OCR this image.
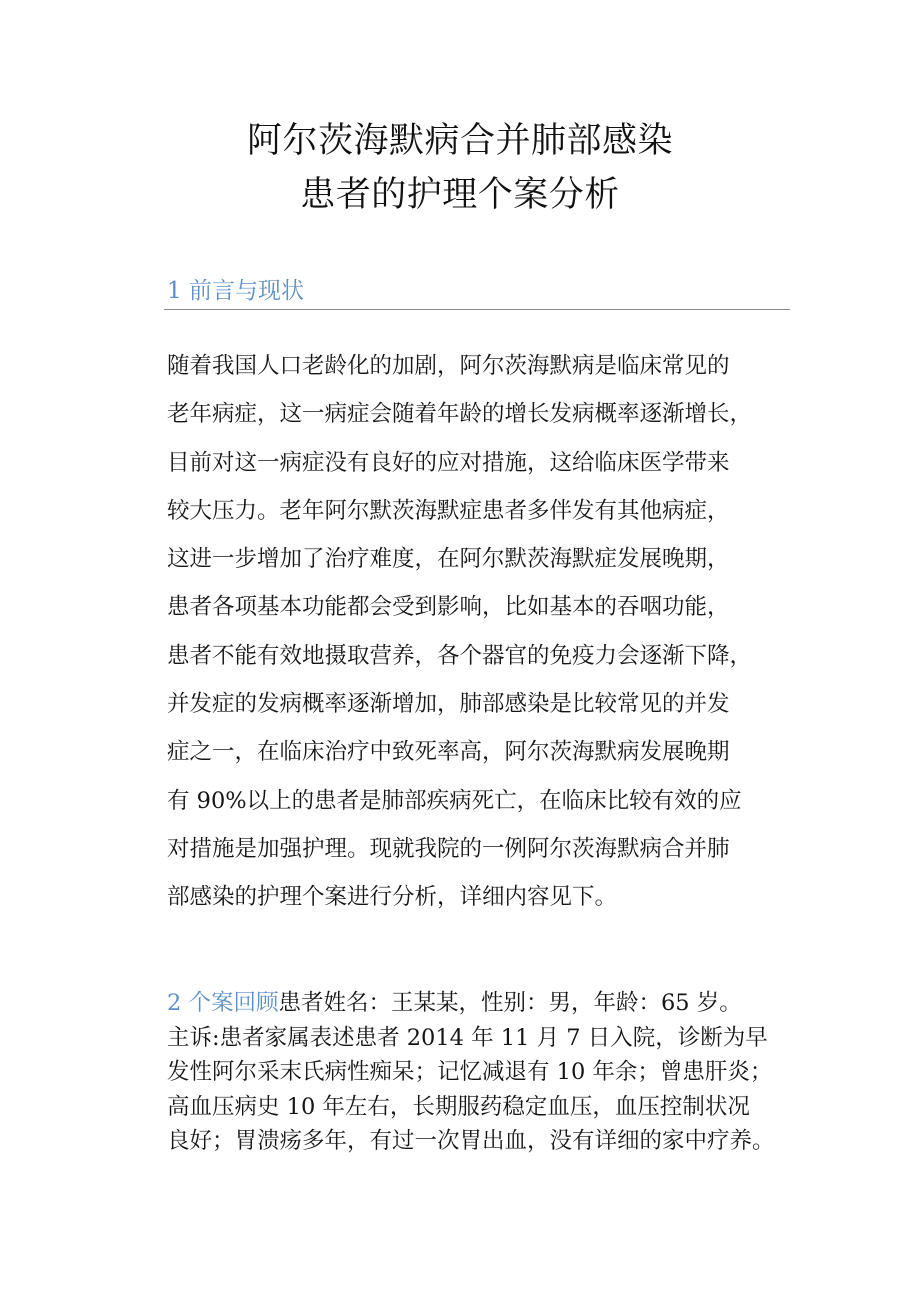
阿尔茨海默病合并肺部感染
患者的护理个案分析
1 前言与现状
随着我国人口老龄化的加剧，阿尔茨海默病是临床常见的
老年病症，这一病症会随着年龄的增长发病概率逐渐增长，
目前对这一病症没有良好的应对措施，这给临床医学带来
较大压力。老年阿尔默茨海默症患者多伴发有其他病症，
这进一步增加了治疗难度，在阿尔默茨海默症发展晚期，
患者各项基本功能都会受到影响，比如基本的吞咽功能，
患者不能有效地摄取营养，各个器官的免疫力会逐渐下降，
并发症的发病概率逐渐增加，肺部感染是比较常见的并发
症之一，在临床治疗中致死率高，阿尔茨海默病发展晚期
有 90%以上的患者是肺部疾病死亡，在临床比较有效的应
对措施是加强护理。现就我院的一例阿尔茨海默病合并肺
部感染的护理个案进行分析，详细内容见下。
2 个案回顾患者姓名：王某某，性别：男，年龄：65 岁。
主诉:患者家属表述患者 2014 年 11 月 7 日入院，诊断为早
发性阿尔采末氏病性痴呆；记忆减退有 10 年余；曾患肝炎；
高血压病史 10 年左右，长期服药稳定血压，血压控制状况
良好；胃溃疡多年，有过一次胃出血，没有详细的家中疗养。
